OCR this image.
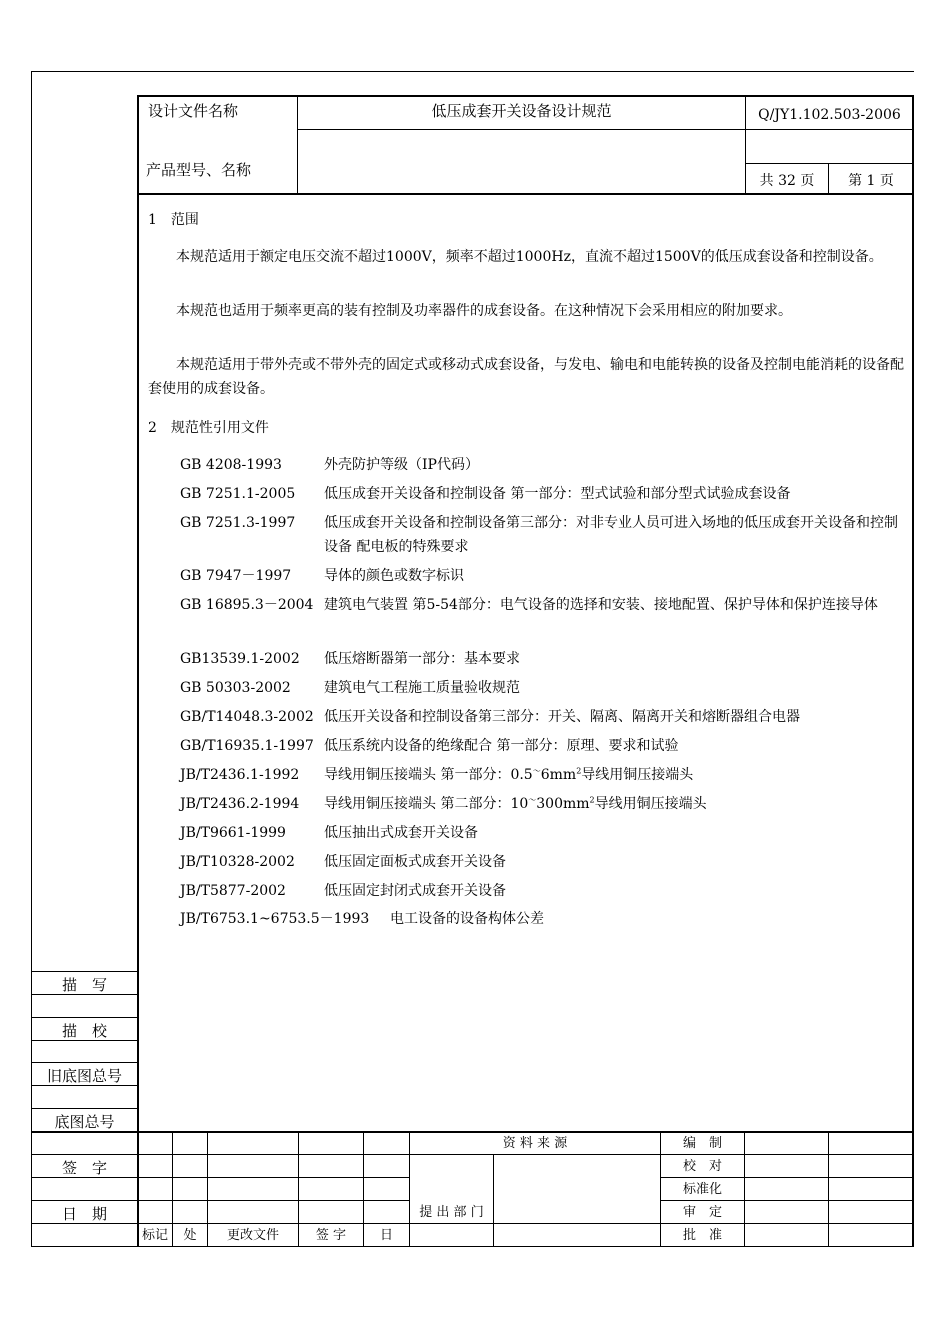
设计文件名称	低压成套开关设备设计规范	Q/JY1.102.503-2006
产品型号、名称
共 32 页	第 1 页
1　范围
本规范适用于额定电压交流不超过1000V，频率不超过1000Hz，直流不超过1500V的低压成套设备和控制设备。
本规范也适用于频率更高的装有控制及功率器件的成套设备。在这种情况下会采用相应的附加要求。
本规范适用于带外壳或不带外壳的固定式或移动式成套设备，与发电、输电和电能转换的设备及控制电能消耗的设备配套使用的成套设备。
2　规范性引用文件
GB 4208-1993	外壳防护等级（IP代码）
GB 7251.1-2005 低压成套开关设备和控制设备 第一部分：型式试验和部分型式试验成套设备
GB 7251.3-1997 低压成套开关设备和控制设备第三部分：对非专业人员可进入场地的低压成套开关设备和控制设备 配电板的特殊要求
GB 7947－1997 导体的颜色或数字标识
GB 16895.3－2004 建筑电气装置 第5-54部分：电气设备的选择和安装、接地配置、保护导体和保护连接导体
GB13539.1-2002 低压熔断器第一部分：基本要求
GB 50303-2002 建筑电气工程施工质量验收规范
GB/T14048.3-2002 低压开关设备和控制设备第三部分：开关、隔离、隔离开关和熔断器组合电器
GB/T16935.1-1997 低压系统内设备的绝缘配合 第一部分：原理、要求和试验
JB/T2436.1-1992 导线用铜压接端头 第一部分：$0.5^\sim 6mm^2$导线用铜压接端头
JB/T2436.2-1994 导线用铜压接端头 第二部分：$10^\sim 300mm^2$导线用铜压接端头
JB/T9661-1999	低压抽出式成套开关设备
JB/T10328-2002 低压固定面板式成套开关设备
JB/T5877-2002	低压固定封闭式成套开关设备
JB/T6753.1~6753.5－1993 电工设备的设备构体公差
描　写
描　校
旧底图总号
底图总号
签　字
日　期
标记	处	更改文件	签 字	日
资 料 来 源
提 出 部 门
编　制
校　对
标准化
审　定
批　准
